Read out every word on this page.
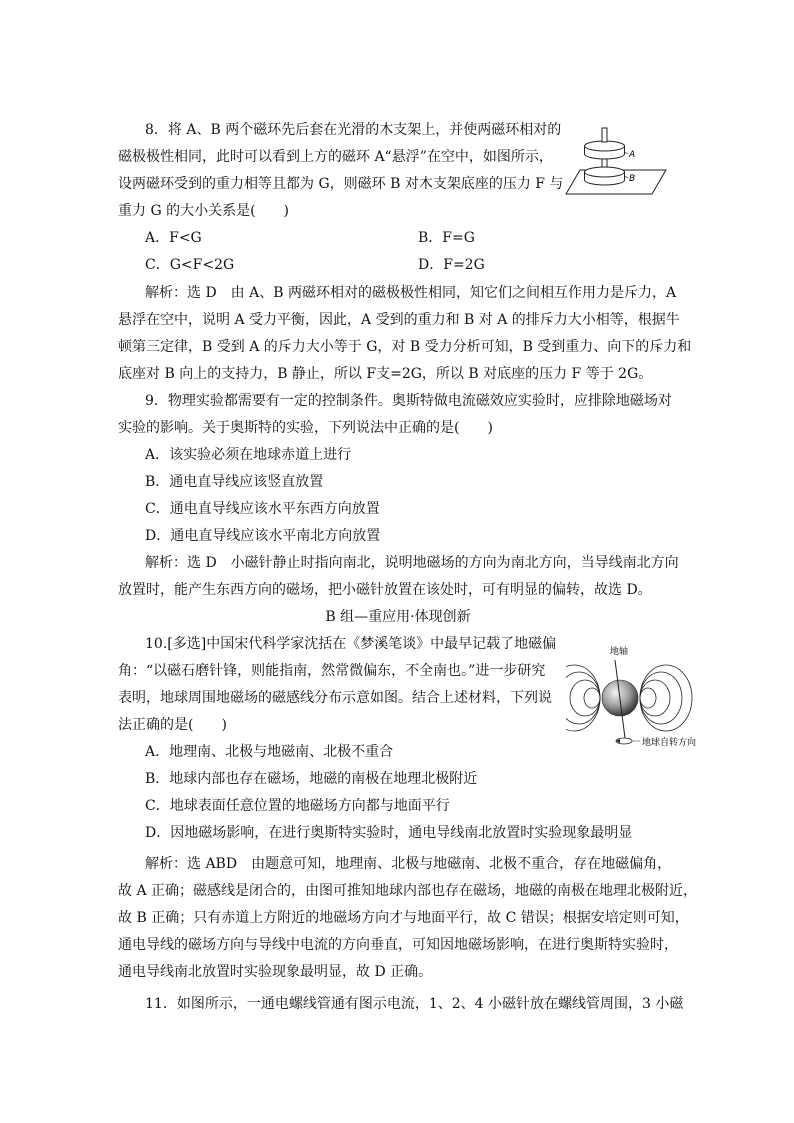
8．将 A、B 两个磁环先后套在光滑的木支架上，并使两磁环相对的
磁极极性相同，此时可以看到上方的磁环 A“悬浮”在空中，如图所示，
设两磁环受到的重力相等且都为 G，则磁环 B 对木支架底座的压力 F 与
重力 G 的大小关系是(　　)
A
B
A．F<G	B．F=G
C．G<F<2G	D．F=2G
解析：选 D　由 A、B 两磁环相对的磁极极性相同，知它们之间相互作用力是斥力，A
悬浮在空中，说明 A 受力平衡，因此，A 受到的重力和 B 对 A 的排斥力大小相等，根据牛
顿第三定律，B 受到 A 的斥力大小等于 G，对 B 受力分析可知，B 受到重力、向下的斥力和
底座对 B 向上的支持力，B 静止，所以 F支=2G，所以 B 对底座的压力 F 等于 2G。
9．物理实验都需要有一定的控制条件。奥斯特做电流磁效应实验时，应排除地磁场对
实验的影响。关于奥斯特的实验，下列说法中正确的是(　　)
A．该实验必须在地球赤道上进行
B．通电直导线应该竖直放置
C．通电直导线应该水平东西方向放置
D．通电直导线应该水平南北方向放置
解析：选 D　小磁针静止时指向南北，说明地磁场的方向为南北方向，当导线南北方向
放置时，能产生东西方向的磁场，把小磁针放置在该处时，可有明显的偏转，故选 D。
B 组—重应用·体现创新
10.[多选]中国宋代科学家沈括在《梦溪笔谈》中最早记载了地磁偏
角：“以磁石磨针锋，则能指南，然常微偏东，不全南也。”进一步研究
表明，地球周围地磁场的磁感线分布示意如图。结合上述材料，下列说
法正确的是(　　)
地轴
地球自转方向
A．地理南、北极与地磁南、北极不重合
B．地球内部也存在磁场，地磁的南极在地理北极附近
C．地球表面任意位置的地磁场方向都与地面平行
D．因地磁场影响，在进行奥斯特实验时，通电导线南北放置时实验现象最明显
解析：选 ABD　由题意可知，地理南、北极与地磁南、北极不重合，存在地磁偏角，
故 A 正确；磁感线是闭合的，由图可推知地球内部也存在磁场，地磁的南极在地理北极附近，
故 B 正确；只有赤道上方附近的地磁场方向才与地面平行，故 C 错误；根据安培定则可知，
通电导线的磁场方向与导线中电流的方向垂直，可知因地磁场影响，在进行奥斯特实验时，
通电导线南北放置时实验现象最明显，故 D 正确。
11．如图所示，一通电螺线管通有图示电流，1、2、4 小磁针放在螺线管周围，3 小磁
